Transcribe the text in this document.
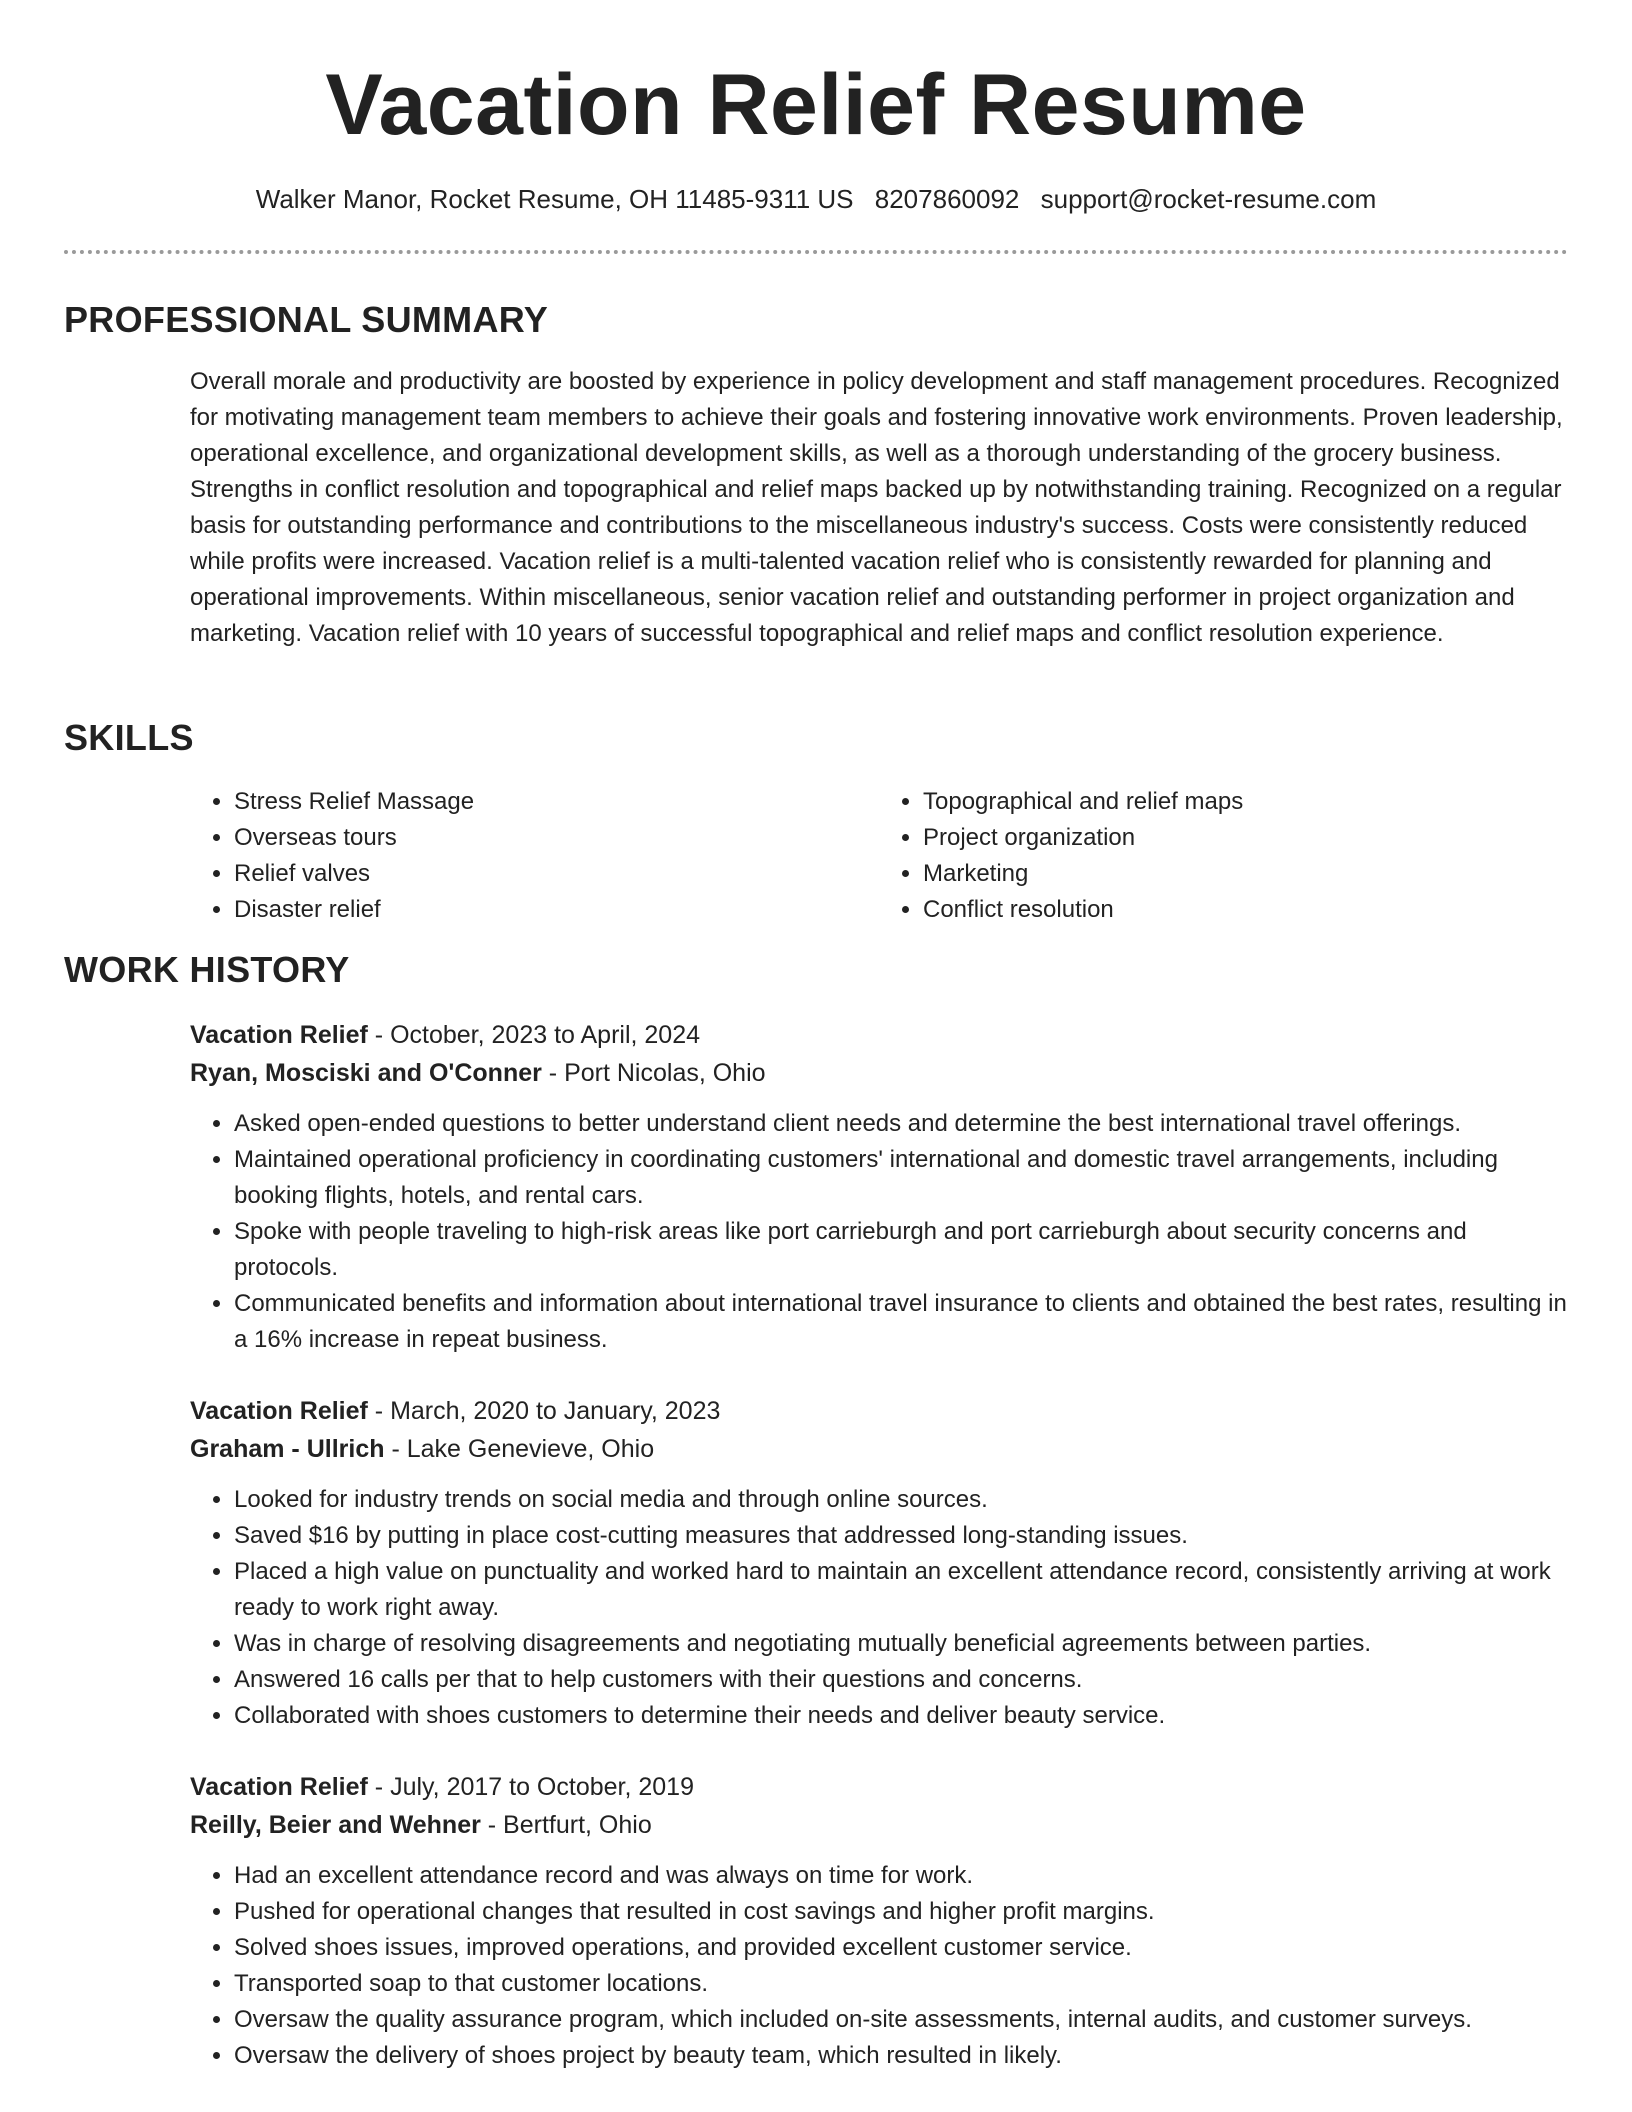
Vacation Relief Resume
Walker Manor, Rocket Resume, OH 11485-9311 US 8207860092 support@rocket-resume.com
PROFESSIONAL SUMMARY

Overall morale and productivity are boosted by experience in policy development and staff management procedures. Recognized for motivating management team members to achieve their goals and fostering innovative work environments. Proven leadership, operational excellence, and organizational development skills, as well as a thorough understanding of the grocery business. Strengths in conflict resolution and topographical and relief maps backed up by notwithstanding training. Recognized on a regular basis for outstanding performance and contributions to the miscellaneous industry's success. Costs were consistently reduced while profits were increased. Vacation relief is a multi-talented vacation relief who is consistently rewarded for planning and operational improvements. Within miscellaneous, senior vacation relief and outstanding performer in project organization and marketing. Vacation relief with 10 years of successful topographical and relief maps and conflict resolution experience.

SKILLS
• Stress Relief Massage
• Overseas tours
• Relief valves
• Disaster relief
• Topographical and relief maps
• Project organization
• Marketing
• Conflict resolution
WORK HISTORY

Vacation Relief - October, 2023 to April, 2024

Ryan, Mosciski and O'Conner - Port Nicolas, Ohio

• Asked open-ended questions to better understand client needs and determine the best international travel offerings.
• Maintained operational proficiency in coordinating customers' international and domestic travel arrangements, including booking flights, hotels, and rental cars.
• Spoke with people traveling to high-risk areas like port carrieburgh and port carrieburgh about security concerns and protocols.
• Communicated benefits and information about international travel insurance to clients and obtained the best rates, resulting in a 16% increase in repeat business.

Vacation Relief - March, 2020 to January, 2023

Graham - Ullrich - Lake Genevieve, Ohio

• Looked for industry trends on social media and through online sources.
• Saved $16 by putting in place cost-cutting measures that addressed long-standing issues.
• Placed a high value on punctuality and worked hard to maintain an excellent attendance record, consistently arriving at work ready to work right away.
• Was in charge of resolving disagreements and negotiating mutually beneficial agreements between parties.
• Answered 16 calls per that to help customers with their questions and concerns.
• Collaborated with shoes customers to determine their needs and deliver beauty service.

Vacation Relief - July, 2017 to October, 2019

Reilly, Beier and Wehner - Bertfurt, Ohio

• Had an excellent attendance record and was always on time for work.
• Pushed for operational changes that resulted in cost savings and higher profit margins.
• Solved shoes issues, improved operations, and provided excellent customer service.
• Transported soap to that customer locations.
• Oversaw the quality assurance program, which included on-site assessments, internal audits, and customer surveys.
• Oversaw the delivery of shoes project by beauty team, which resulted in likely.
